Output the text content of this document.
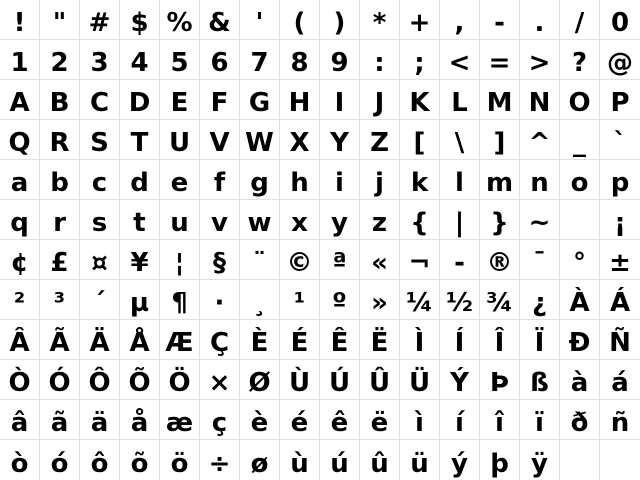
! " # $ % & ' ( ) * + , - . / 0
1 2 3 4 5 6 7 8 9 : ; < = > ? @
A B C D E F G H I J K L M N O P
Q R S T U V W X Y Z [ \ ] ^ _ `
a b c d e f g h i j k l m n o p
q r s t u v w x y z { | } ~ ¡
¢ £ ¤ ¥ ¦ § ¨ © ª « ¬ - ® ¯ ° ±
² ³ ´ µ ¶ · ¸ ¹ º » ¼ ½ ¾ ¿ À Á
Â Ã Ä Å Æ Ç È É Ê Ë Ì Í Î Ï Ð Ñ
Ò Ó Ô Õ Ö × Ø Ù Ú Û Ü Ý Þ ß à á
â ã ä å æ ç è é ê ë ì í î ï ð ñ
ò ó ô õ ö ÷ ø ù ú û ü ý þ ÿ
